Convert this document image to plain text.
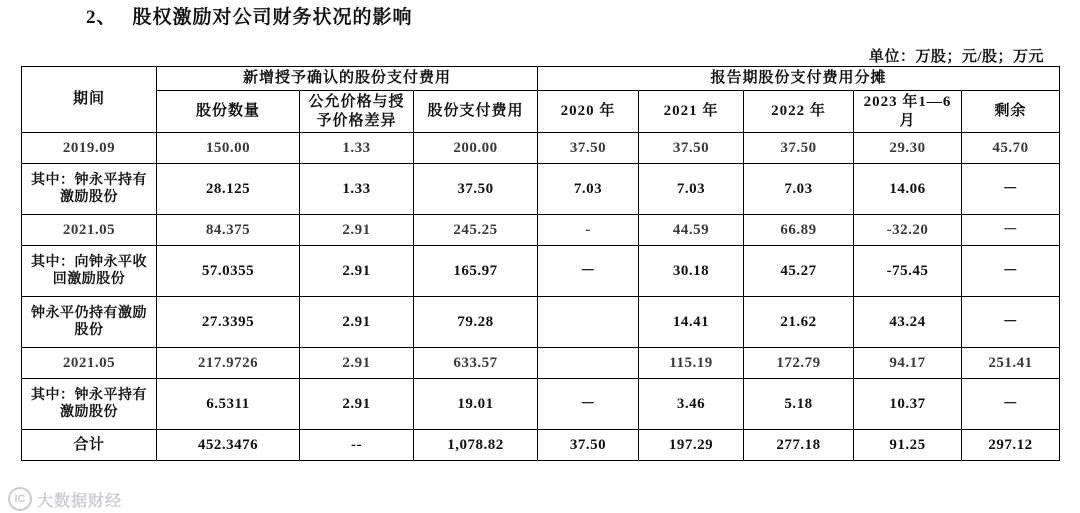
2、 股权激励对公司财务状况的影响
单位：万股；元/股；万元
期间	新增授予确认的股份支付费用			报告期股份支付费用分摊				
	股份数量	公允价格与授予价格差异	股份支付费用	2020 年	2021 年	2022 年	2023 年1—6 月	剩余
2019.09	150.00	1.33	200.00	37.50	37.50	37.50	29.30	45.70
其中：钟永平持有激励股份	28.125	1.33	37.50	7.03	7.03	7.03	14.06	－
2021.05	84.375	2.91	245.25	-	44.59	66.89	-32.20	－
其中：向钟永平收回激励股份	57.0355	2.91	165.97	－	30.18	45.27	-75.45	－
钟永平仍持有激励股份	27.3395	2.91	79.28		14.41	21.62	43.24	－
2021.05	217.9726	2.91	633.57		115.19	172.79	94.17	251.41
其中：钟永平持有激励股份	6.5311	2.91	19.01	－	3.46	5.18	10.37	－
合计	452.3476	--	1,078.82	37.50	197.29	277.18	91.25	297.12
IC 大数据财经
